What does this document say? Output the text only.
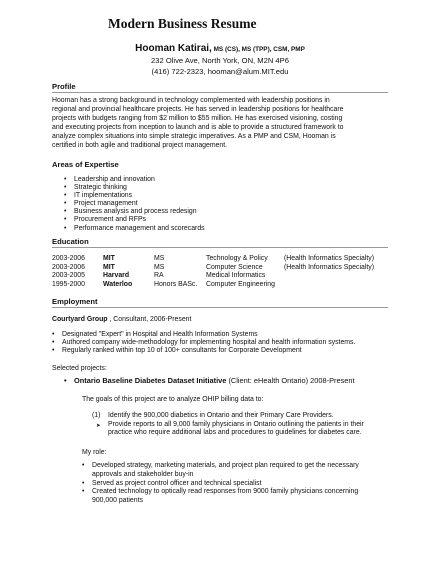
Modern Business Resume
Hooman Katirai, MS (CS), MS (TPP), CSM, PMP
232 Olive Ave, North York, ON, M2N 4P6
(416) 722-2323, hooman@alum.MIT.edu
Profile
Hooman has a strong background in technology complemented with leadership positions in
regional and provincial healthcare projects. He has served in leadership positions for healthcare
projects with budgets ranging from $2 million to $55 million. He has exercised visioning, costing
and executing projects from inception to launch and is able to provide a structured framework to
analyze complex situations into simple strategic imperatives. As a PMP and CSM, Hooman is
certified in both agile and traditional project management.
Areas of Expertise
• Leadership and innovation
• Strategic thinking
• IT implementations
• Project management
• Business analysis and process redesign
• Procurement and RFPs
• Performance management and scorecards
Education
2003-2006	MIT	MS	Technology & Policy	(Health Informatics Specialty)
2003-2006	MIT	MS	Computer Science	(Health Informatics Specialty)
2003-2005	Harvard	RA	Medical Informatics	
1995-2000	Waterloo	Honors BASc.	Computer Engineering	
Employment
Courtyard Group , Consultant, 2006-Present
• Designated "Expert" in Hospital and Health Information Systems
• Authored company wide-methodology for implementing hospital and health information systems.
• Regularly ranked within top 10 of 100+ consultants for Corporate Development
Selected projects:
• Ontario Baseline Diabetes Dataset Initiative (Client: eHealth Ontario) 2008-Present
The goals of this project are to analyze OHIP billing data to:
(1) Identify the 900,000 diabetics in Ontario and their Primary Care Providers.
➤ Provide reports to all 9,000 family physicians in Ontario outlining the patients in their
practice who require additional labs and procedures to guidelines for diabetes care.
My role:
• Developed strategy, marketing materials, and project plan required to get the necessary
approvals and stakeholder buy-in
• Served as project control officer and technical specialist
• Created technology to optically read responses from 9000 family physicians concerning
900,000 patients
